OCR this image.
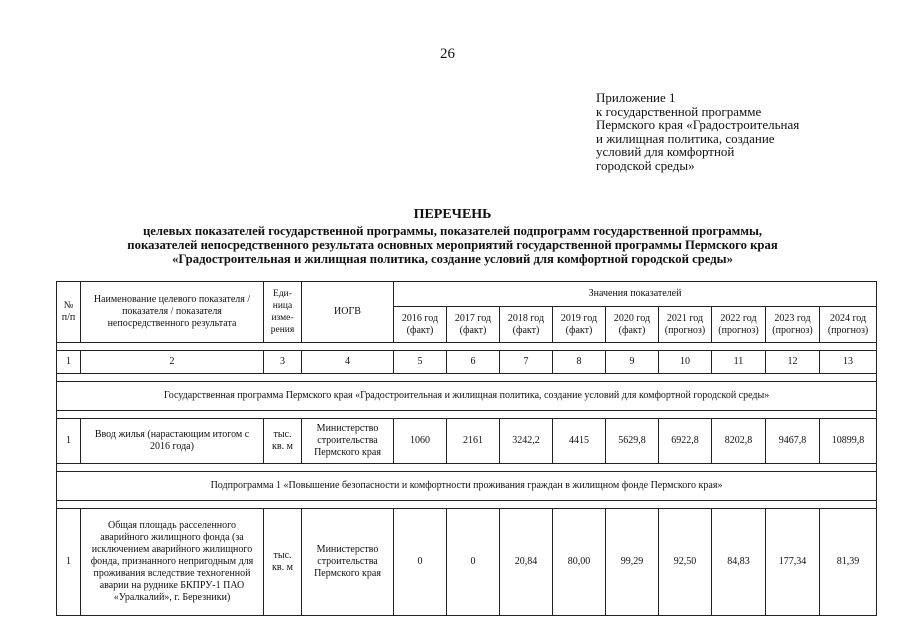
26
Приложение 1
к государственной программе
Пермского края «Градостроительная
и жилищная политика, создание
условий для комфортной
городской среды»
ПЕРЕЧЕНЬ
целевых показателей государственной программы, показателей подпрограмм государственной программы,
показателей непосредственного результата основных мероприятий государственной программы Пермского края
«Градостроительная и жилищная политика, создание условий для комфортной городской среды»
№ п/п	Наименование целевого показателя / показателя / показателя непосредственного результата	Еди-ница изме-рения	ИОГВ	Значения показателей								
				2016 год (факт)	2017 год (факт)	2018 год (факт)	2019 год (факт)	2020 год (факт)	2021 год (прогноз)	2022 год (прогноз)	2023 год (прогноз)	2024 год (прогноз)

1	2	3	4	5	6	7	8	9	10	11	12	13

Государственная программа Пермского края «Градостроительная и жилищная политика, создание условий для комфортной городской среды»												

1	Ввод жилья (нарастающим итогом с 2016 года)	тыс. кв. м	Министерство строительства Пермского края	1060	2161	3242,2	4415	5629,8	6922,8	8202,8	9467,8	10899,8

Подпрограмма 1 «Повышение безопасности и комфортности проживания граждан в жилищном фонде Пермского края»												

1	Общая площадь расселенного аварийного жилищного фонда (за исключением аварийного жилищного фонда, признанного непригодным для проживания вследствие техногенной аварии на руднике БКПРУ-1 ПАО «Уралкалий», г. Березники)	тыс. кв. м	Министерство строительства Пермского края	0	0	20,84	80,00	99,29	92,50	84,83	177,34	81,39
